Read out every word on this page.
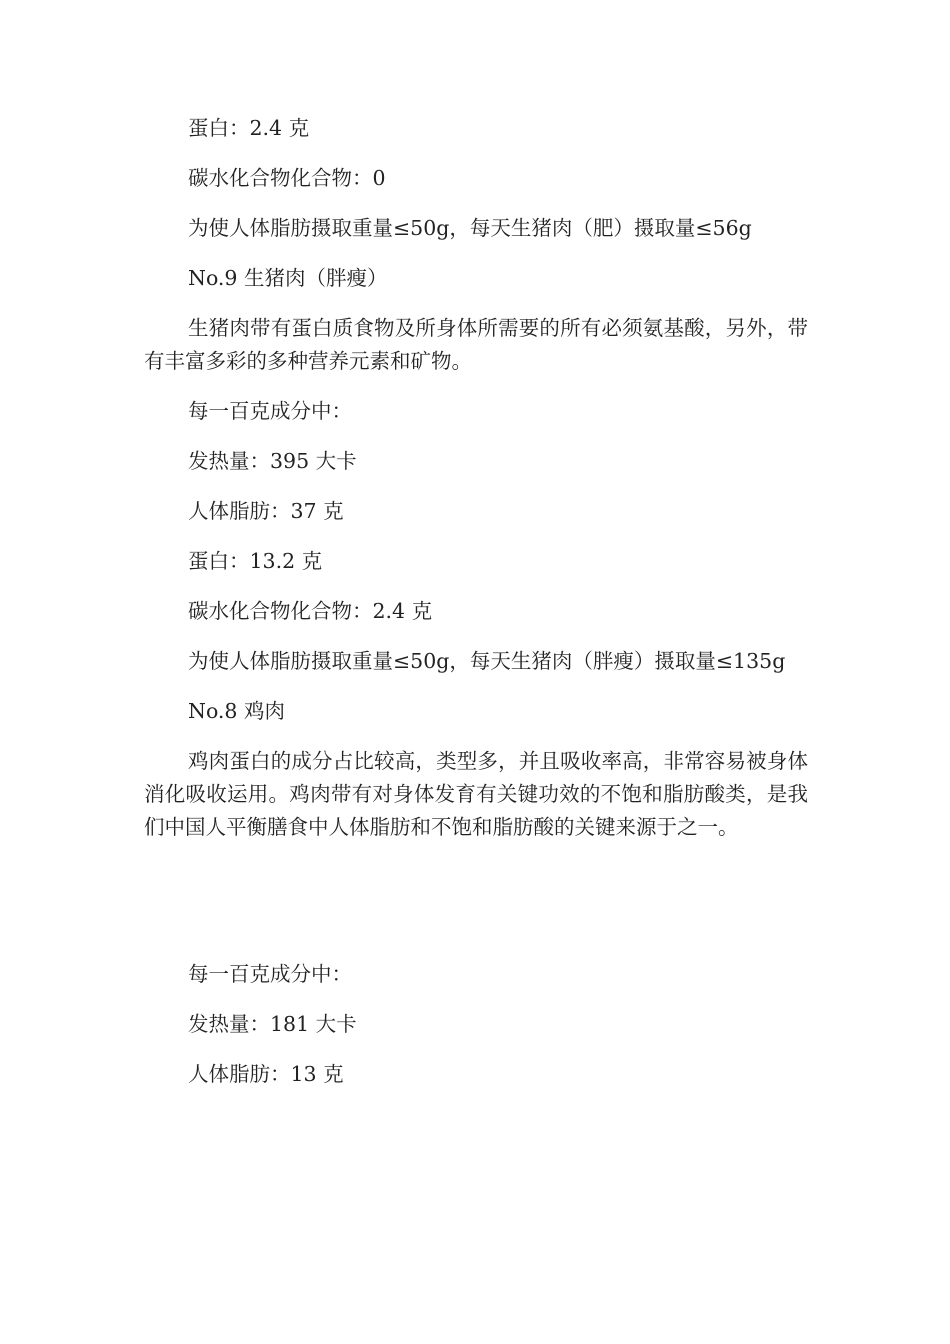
蛋白：2.4 克

碳水化合物化合物：0

为使人体脂肪摄取重量≤50g，每天生猪肉（肥）摄取量≤56g

No.9 生猪肉（胖瘦）

生猪肉带有蛋白质食物及所身体所需要的所有必须氨基酸，另外，带有丰富多彩的多种营养元素和矿物。

每一百克成分中：

发热量：395 大卡

人体脂肪：37 克

蛋白：13.2 克

碳水化合物化合物：2.4 克

为使人体脂肪摄取重量≤50g，每天生猪肉（胖瘦）摄取量≤135g

No.8 鸡肉

鸡肉蛋白的成分占比较高，类型多，并且吸收率高，非常容易被身体消化吸收运用。鸡肉带有对身体发育有关键功效的不饱和脂肪酸类，是我们中国人平衡膳食中人体脂肪和不饱和脂肪酸的关键来源于之一。

每一百克成分中：

发热量：181 大卡

人体脂肪：13 克
